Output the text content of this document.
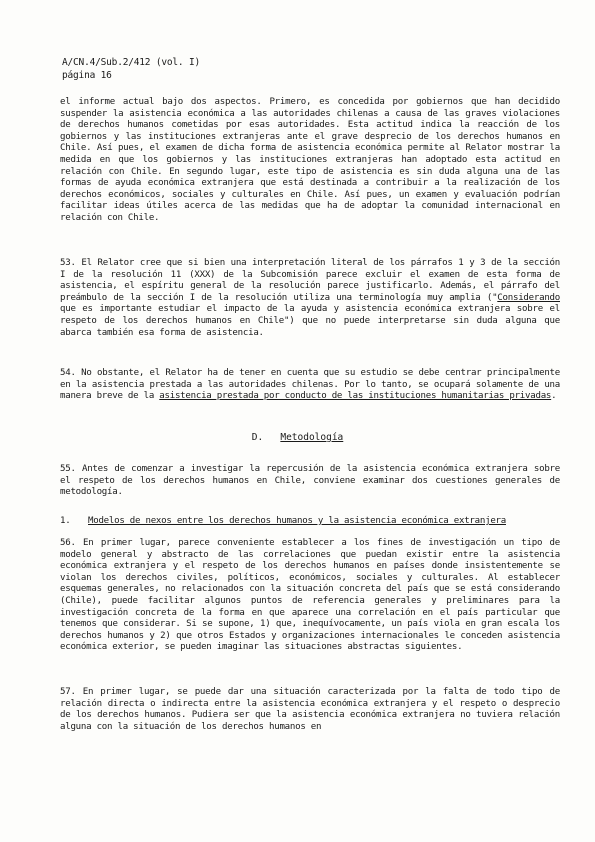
A/CN.4/Sub.2/412 (vol. I)
página 16
el informe actual bajo dos aspectos. Primero, es concedida por gobiernos que han decidido suspender la asistencia económica a las autoridades chilenas a causa de las graves violaciones de derechos humanos cometidas por esas autoridades. Esta actitud indica la reacción de los gobiernos y las instituciones extranjeras ante el grave desprecio de los derechos humanos en Chile. Así pues, el examen de dicha forma de asistencia económica permite al Relator mostrar la medida en que los gobiernos y las instituciones extranjeras han adoptado esta actitud en relación con Chile. En segundo lugar, este tipo de asistencia es sin duda alguna una de las formas de ayuda económica extranjera que está destinada a contribuir a la realización de los derechos económicos, sociales y culturales en Chile. Así pues, un examen y evaluación podrían facilitar ideas útiles acerca de las medidas que ha de adoptar la comunidad internacional en relación con Chile.
53. El Relator cree que si bien una interpretación literal de los párrafos 1 y 3 de la sección I de la resolución 11 (XXX) de la Subcomisión parece excluir el examen de esta forma de asistencia, el espíritu general de la resolución parece justificarlo. Además, el párrafo del preámbulo de la sección I de la resolución utiliza una terminología muy amplia ("Considerando que es importante estudiar el impacto de la ayuda y asistencia económica extranjera sobre el respeto de los derechos humanos en Chile") que no puede interpretarse sin duda alguna que abarca también esa forma de asistencia.
54. No obstante, el Relator ha de tener en cuenta que su estudio se debe centrar principalmente en la asistencia prestada a las autoridades chilenas. Por lo tanto, se ocupará solamente de una manera breve de la asistencia prestada por conducto de las instituciones humanitarias privadas.
D. Metodología
55. Antes de comenzar a investigar la repercusión de la asistencia económica extranjera sobre el respeto de los derechos humanos en Chile, conviene examinar dos cuestiones generales de metodología.
1. Modelos de nexos entre los derechos humanos y la asistencia económica extranjera
56. En primer lugar, parece conveniente establecer a los fines de investigación un tipo de modelo general y abstracto de las correlaciones que puedan existir entre la asistencia económica extranjera y el respeto de los derechos humanos en países donde insistentemente se violan los derechos civiles, políticos, económicos, sociales y culturales. Al establecer esquemas generales, no relacionados con la situación concreta del país que se está considerando (Chile), puede facilitar algunos puntos de referencia generales y preliminares para la investigación concreta de la forma en que aparece una correlación en el país particular que tenemos que considerar. Si se supone, 1) que, inequívocamente, un país viola en gran escala los derechos humanos y 2) que otros Estados y organizaciones internacionales le conceden asistencia económica exterior, se pueden imaginar las situaciones abstractas siguientes.
57. En primer lugar, se puede dar una situación caracterizada por la falta de todo tipo de relación directa o indirecta entre la asistencia económica extranjera y el respeto o desprecio de los derechos humanos. Pudiera ser que la asistencia económica extranjera no tuviera relación alguna con la situación de los derechos humanos en
